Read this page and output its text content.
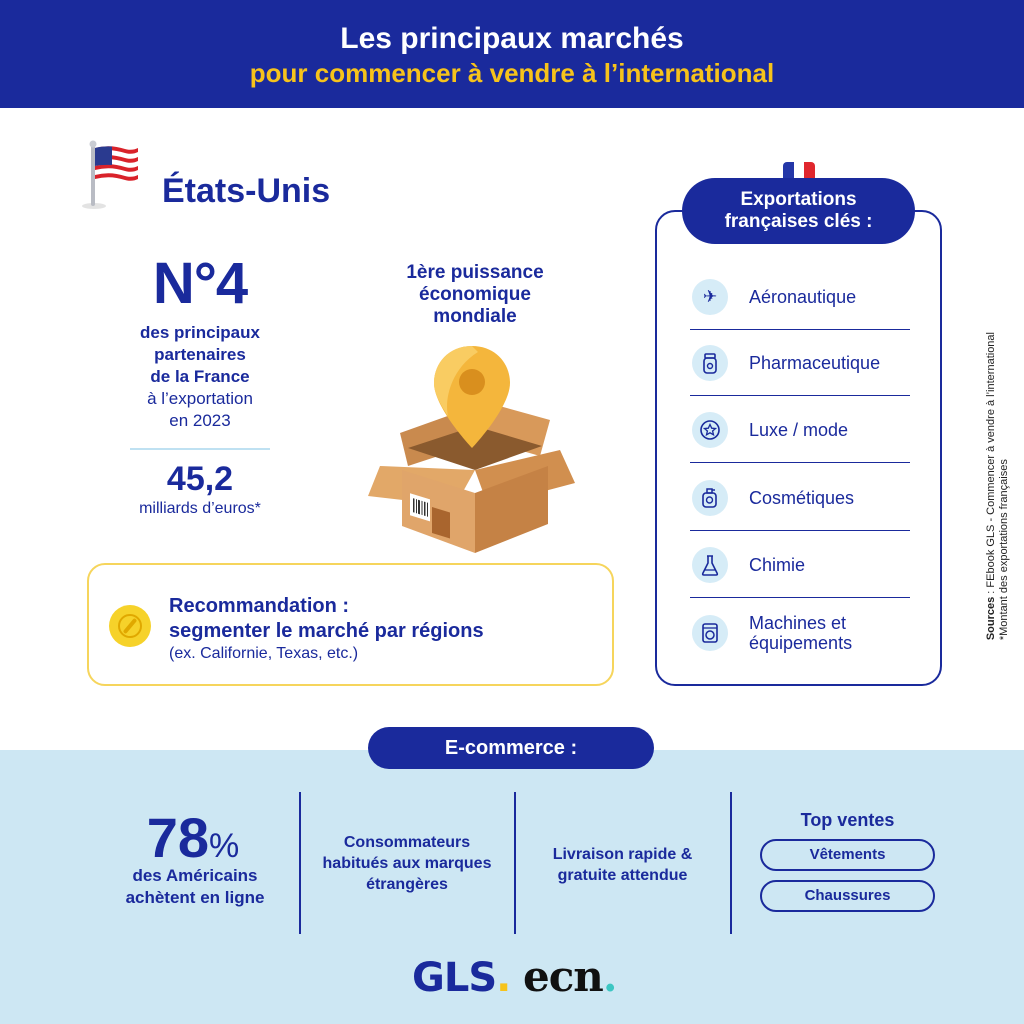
Les principaux marchés
pour commencer à vendre à l’international
États-Unis
N°4
des principaux
partenaires
de la France
à l’exportation
en 2023
45,2
milliards d’euros*
1ère puissance
économique
mondiale
Recommandation :
segmenter le marché par régions
(ex. Californie, Texas, etc.)
Exportations
françaises clés :
✈	Aéronautique
Pharmaceutique
Luxe / mode
Cosmétiques
Chimie
Machines et
équipements
Sources : FEbook GLS - Commencer à vendre à l’international
*Montant des exportations françaises
E-commerce :
78%
des Américains
achètent en ligne
Consommateurs
habitués aux marques
étrangères
Livraison rapide &
gratuite attendue
Top ventes
Vêtements
Chaussures
GLS. ecn.
